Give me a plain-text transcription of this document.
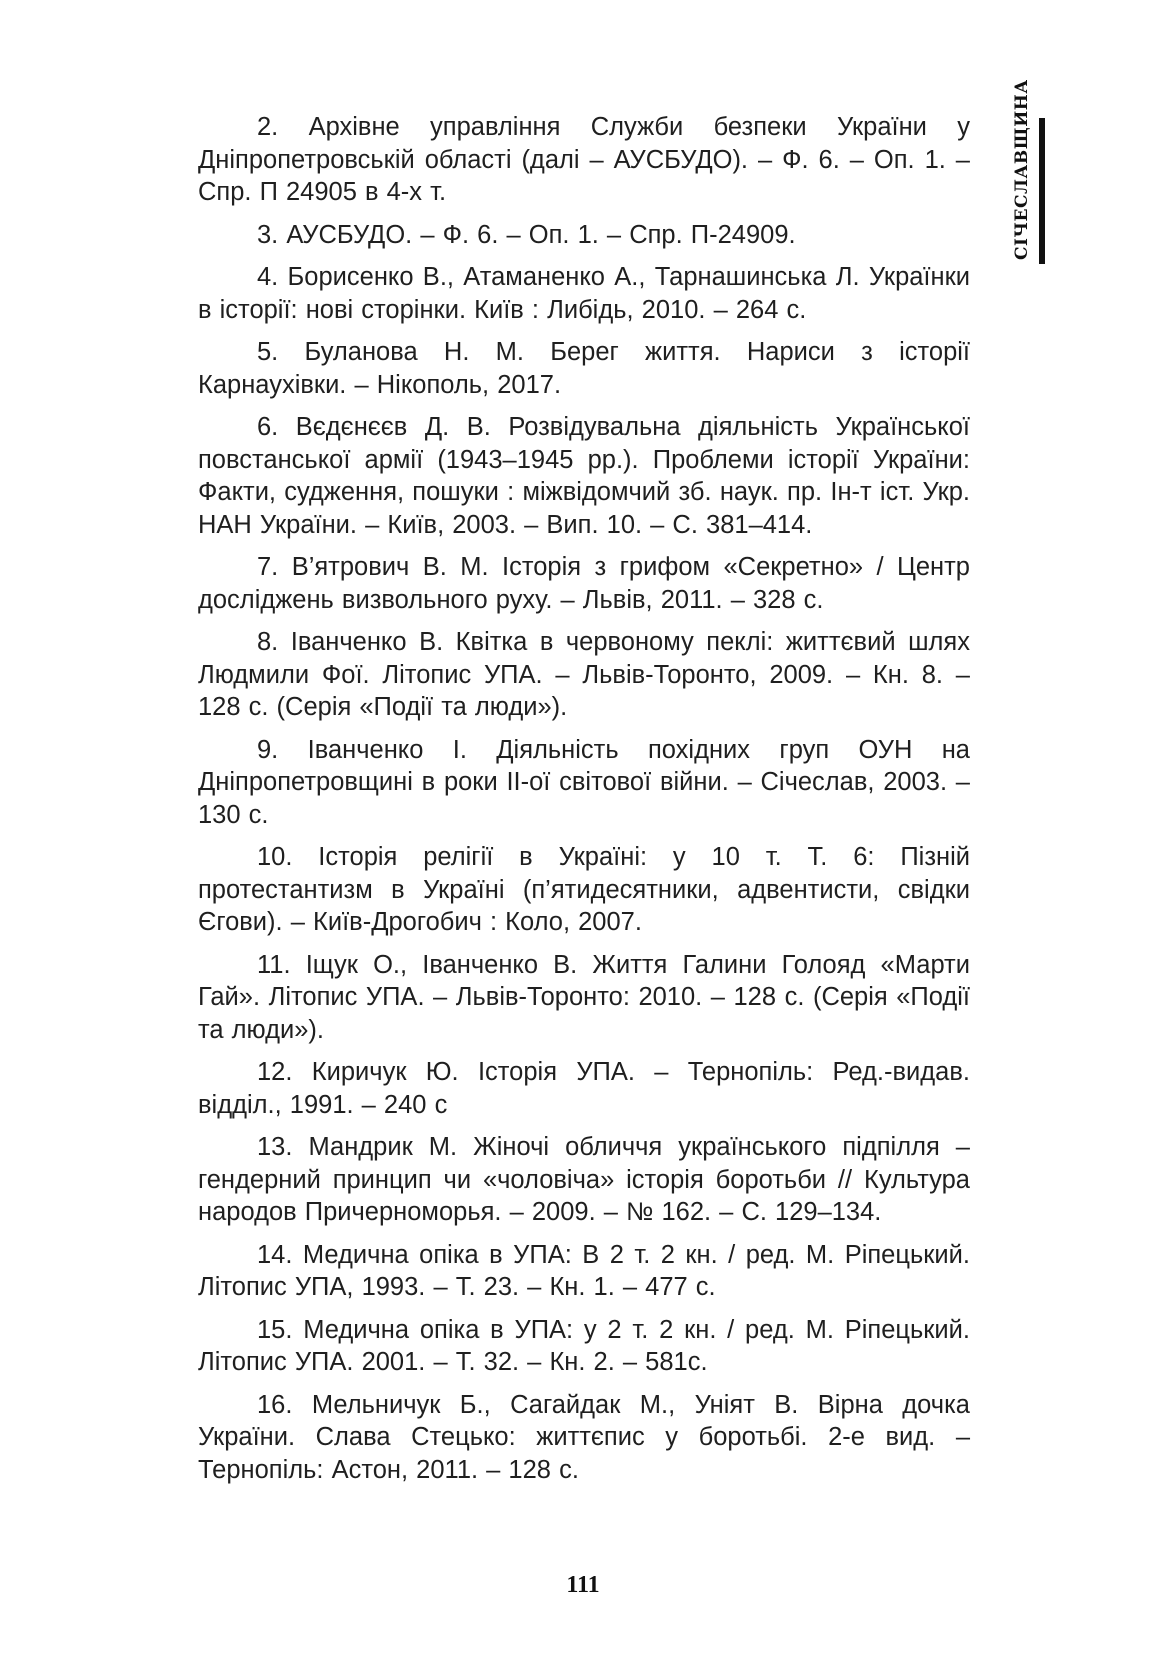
2. Архівне управління Служби безпеки України у Дніпропетровській області (далі – АУСБУДО). – Ф. 6. – Оп. 1. – Спр. П 24905 в 4-х т.

3. АУСБУДО. – Ф. 6. – Оп. 1. – Спр. П-24909.

4. Борисенко В., Атаманенко А., Тарнашинська Л. Українки в історії: нові сторінки. Київ : Либідь, 2010. – 264 с.

5. Буланова Н. М. Берег життя. Нариси з історії Карнаухівки. – Нікополь, 2017.

6. Вєдєнєєв Д. В. Розвідувальна діяльність Української повстанської армії (1943–1945 рр.). Проблеми історії України: Факти, судження, пошуки : міжвідомчий зб. наук. пр. Ін-т іст. Укр. НАН України. – Київ, 2003. – Вип. 10. – С. 381–414.

7. В’ятрович В. М. Історія з грифом «Секретно» / Центр досліджень визвольного руху. – Львів, 2011. – 328 с.

8. Іванченко В. Квітка в червоному пеклі: життєвий шлях Людмили Фої. Літопис УПА. – Львів-Торонто, 2009. – Кн. 8. – 128 с. (Серія «Події та люди»).

9. Іванченко І. Діяльність похідних груп ОУН на Дніпропетровщині в роки ІІ-ої світової війни. – Січеслав, 2003. – 130 с.

10. Історія релігії в Україні: у 10 т. Т. 6: Пізній протестантизм в Україні (п’ятидесятники, адвентисти, свідки Єгови). – Київ-Дрогобич : Коло, 2007.

11. Іщук О., Іванченко В. Життя Галини Голояд «Марти Гай». Літопис УПА. – Львів-Торонто: 2010. – 128 с. (Серія «Події та люди»).

12. Киричук Ю. Історія УПА. – Тернопіль: Ред.-видав. відділ., 1991. – 240 с

13. Мандрик М. Жіночі обличчя українського підпілля – гендерний принцип чи «чоловіча» історія боротьби // Культура народов Причерноморья. – 2009. – № 162. – С. 129–134.

14. Медична опіка в УПА: В 2 т. 2 кн. / ред. М. Ріпецький. Літопис УПА, 1993. – Т. 23. – Кн. 1. – 477 с.

15. Медична опіка в УПА: у 2 т. 2 кн. / ред. М. Ріпецький. Літопис УПА. 2001. – Т. 32. – Кн. 2. – 581с.

16. Мельничук Б., Сагайдак М., Уніят В. Вірна дочка України. Слава Стецько: життєпис у боротьбі. 2-е вид. – Тернопіль: Астон, 2011. – 128 с.

СІЧЕСЛАВЩИНА
111
